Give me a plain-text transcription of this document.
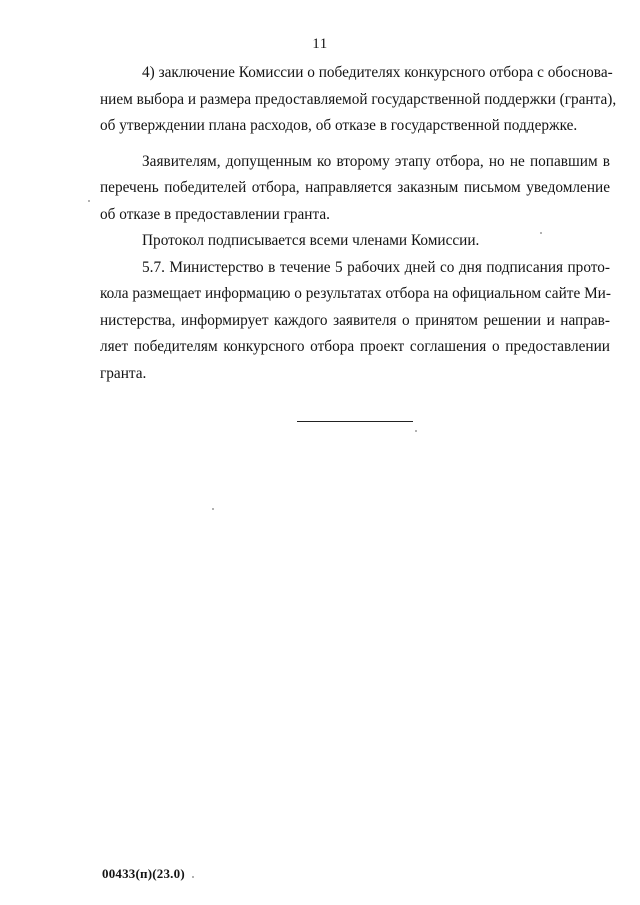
11
4) заключение Комиссии о победителях конкурсного отбора с обоснова-
нием выбора и размера предоставляемой государственной поддержки (гранта),
об утверждении плана расходов, об отказе в государственной поддержке.
Заявителям, допущенным ко второму этапу отбора, но не попавшим в
перечень победителей отбора, направляется заказным письмом уведомление
об отказе в предоставлении гранта.
Протокол подписывается всеми членами Комиссии.
5.7. Министерство в течение 5 рабочих дней со дня подписания прото-
кола размещает информацию о результатах отбора на официальном сайте Ми-
нистерства, информирует каждого заявителя о принятом решении и направ-
ляет победителям конкурсного отбора проект соглашения о предоставлении
гранта.
00433(п)(23.0)
